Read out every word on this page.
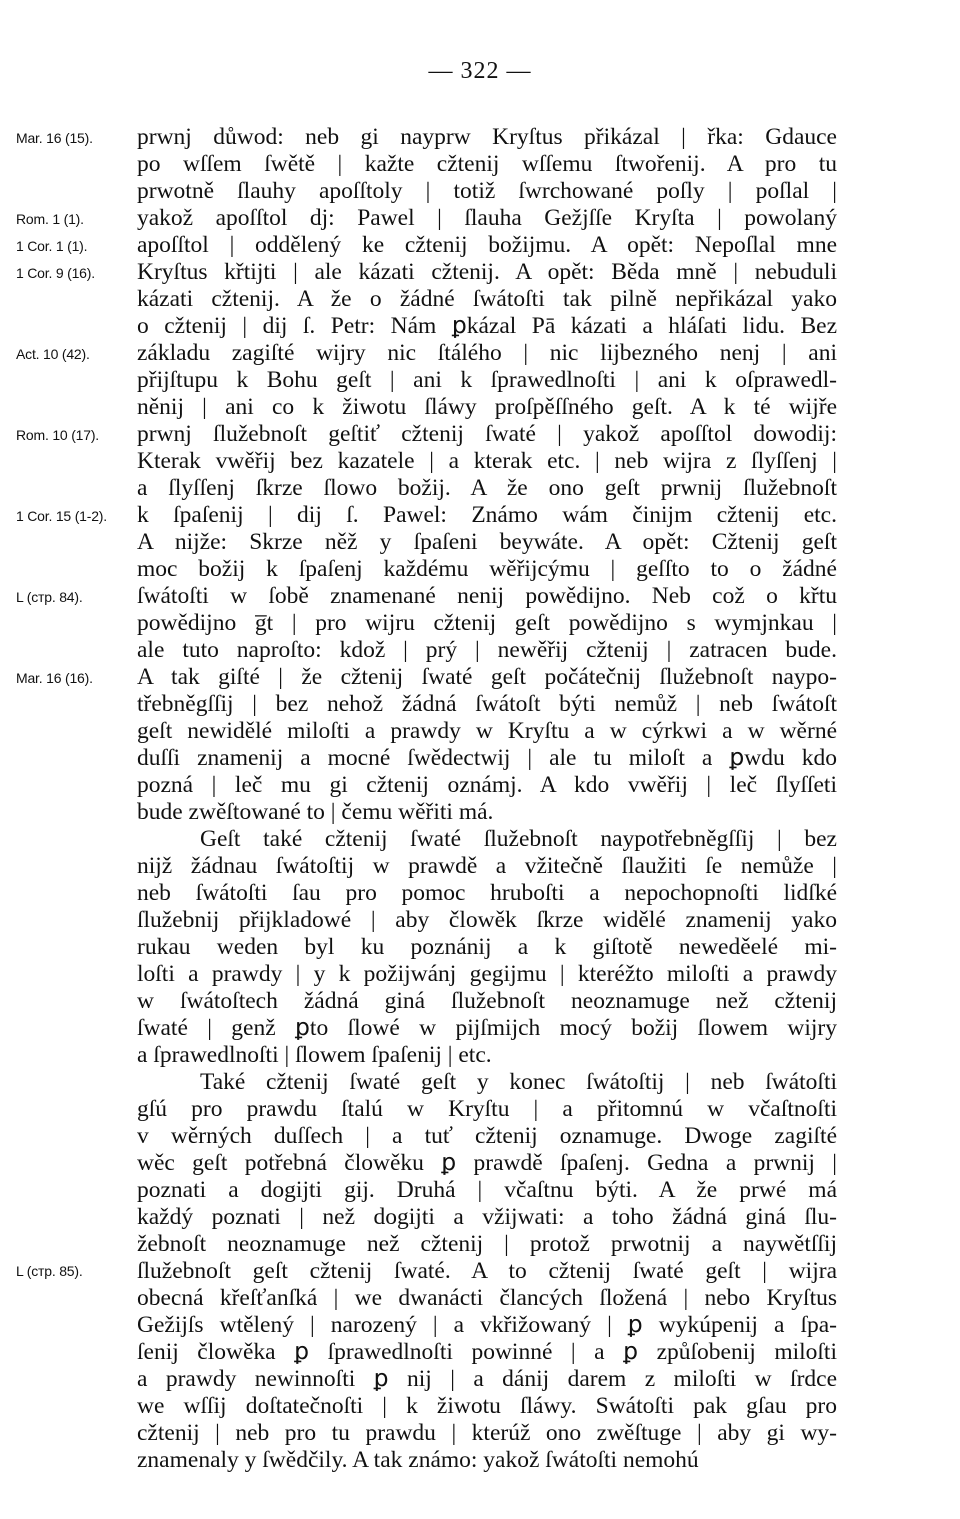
— 322 —
Mar. 16 (15).
Rom. 1 (1).
1 Cor. 1 (1).
1 Cor. 9 (16).
Act. 10 (42).
Rom. 10 (17).
1 Cor. 15 (1-2).
L (стр. 84).
Mar. 16 (16).
L (стр. 85).
prwnj důwod: neb gi nayprw Kryſtus přikázal | řka: Gdauce
po wſſem ſwětě | kažte cžtenij wſſemu ſtwořenij. A pro tu
prwotně ſlauhy apoſſtoly | totiž ſwrchowané poſly | poſlal |
yakož apoſſtol dj: Pawel | ſlauha Gežjſſe Kryſta | powolaný
apoſſtol | oddělený ke cžtenij božijmu. A opět: Nepoſlal mne
Kryſtus křtijti | ale kázati cžtenij. A opět: Běda mně | nebuduli
kázati cžtenij. A že o žádné ſwátoſti tak pilně nepřikázal yako
o cžtenij | dij ſ. Petr: Nám ꝑkázal Pā kázati a hláſati lidu. Bez
základu zagiſté wijry nic ſtálého | nic lijbezného nenj | ani
přijſtupu k Bohu geſt | ani k ſprawedlnoſti | ani k oſprawedl-
něnij | ani co k žiwotu ſláwy proſpěſſného geſt. A k té wijře
prwnj ſlužebnoſt geſtiť cžtenij ſwaté | yakož apoſſtol dowodij:
Kterak vwěřij bez kazatele | a kterak etc. | neb wijra z ſlyſſenj |
a ſlyſſenj ſkrze ſlowo božij. A že ono geſt prwnij ſlužebnoſt
k ſpaſenij | dij ſ. Pawel: Známo wám činijm cžtenij etc.
A nijže: Skrze něž y ſpaſeni beywáte. A opět: Cžtenij geſt
moc božij k ſpaſenj každému wěřijcýmu | geſſto to o žádné
ſwátoſti w ſobě znamenané nenij powědijno. Neb což o křtu
powědijno g̅t | pro wijru cžtenij geſt powědijno s wymjnkau |
ale tuto naproſto: kdož | prý | newěřij cžtenij | zatracen bude.
A tak giſté | že cžtenij ſwaté geſt počátečnij ſlužebnoſt naypo-
třebněgſſij | bez nehož žádná ſwátoſt býti nemůž | neb ſwátoſt
geſt newidělé miloſti a prawdy w Kryſtu a w cýrkwi a w wěrné
duſſi znamenij a mocné ſwědectwij | ale tu miloſt a ꝑwdu kdo
pozná | leč mu gi cžtenij oznámj. A kdo vwěřij | leč ſlyſſeti
bude zwěſtowané to | čemu wěřiti má.
Geſt také cžtenij ſwaté ſlužebnoſt naypotřebněgſſij | bez
nijž žádnau ſwátoſtij w prawdě a vžitečně ſlaužiti ſe nemůže |
neb ſwátoſti ſau pro pomoc hruboſti a nepochopnoſti lidſké
ſlužebnij přijkladowé | aby člowěk ſkrze widělé znamenij yako
rukau weden byl ku poznánij a k giſtotě neweděelé mi-
loſti a prawdy | y k požijwánj gegijmu | kteréžto miloſti a prawdy
w ſwátoſtech žádná giná ſlužebnoſt neoznamuge než cžtenij
ſwaté | genž ꝑto ſlowé w pijſmijch mocý božij ſlowem wijry
a ſprawedlnoſti | ſlowem ſpaſenij | etc.
Také cžtenij ſwaté geſt y konec ſwátoſtij | neb ſwátoſti
gſú pro prawdu ſtalú w Kryſtu | a přitomnú w včaſtnoſti
v wěrných duſſech | a tuť cžtenij oznamuge. Dwoge zagiſté
wěc geſt potřebná člowěku ꝑ prawdě ſpaſenj. Gedna a prwnij |
poznati a dogijti gij. Druhá | včaſtnu býti. A že prwé má
každý poznati | než dogijti a vžijwati: a toho žádná giná ſlu-
žebnoſt neoznamuge než cžtenij | protož prwotnij a naywětſſij
ſlužebnoſt geſt cžtenij ſwaté. A to cžtenij ſwaté geſt | wijra
obecná křeſťanſká | we dwanácti člancých ſložená | nebo Kryſtus
Gežijſs wtělený | narozený | a vkřižowaný | ꝑ wykúpenij a ſpa-
ſenij člowěka ꝑ ſprawedlnoſti powinné | a ꝑ způſobenij miloſti
a prawdy newinnoſti ꝑ nij | a dánij darem z miloſti w ſrdce
we wſſij doſtatečnoſti | k žiwotu ſláwy. Swátoſti pak gſau pro
cžtenij | neb pro tu prawdu | kterúž ono zwěſtuge | aby gi wy-
znamenaly y ſwědčily. A tak známo: yakož ſwátoſti nemohú
